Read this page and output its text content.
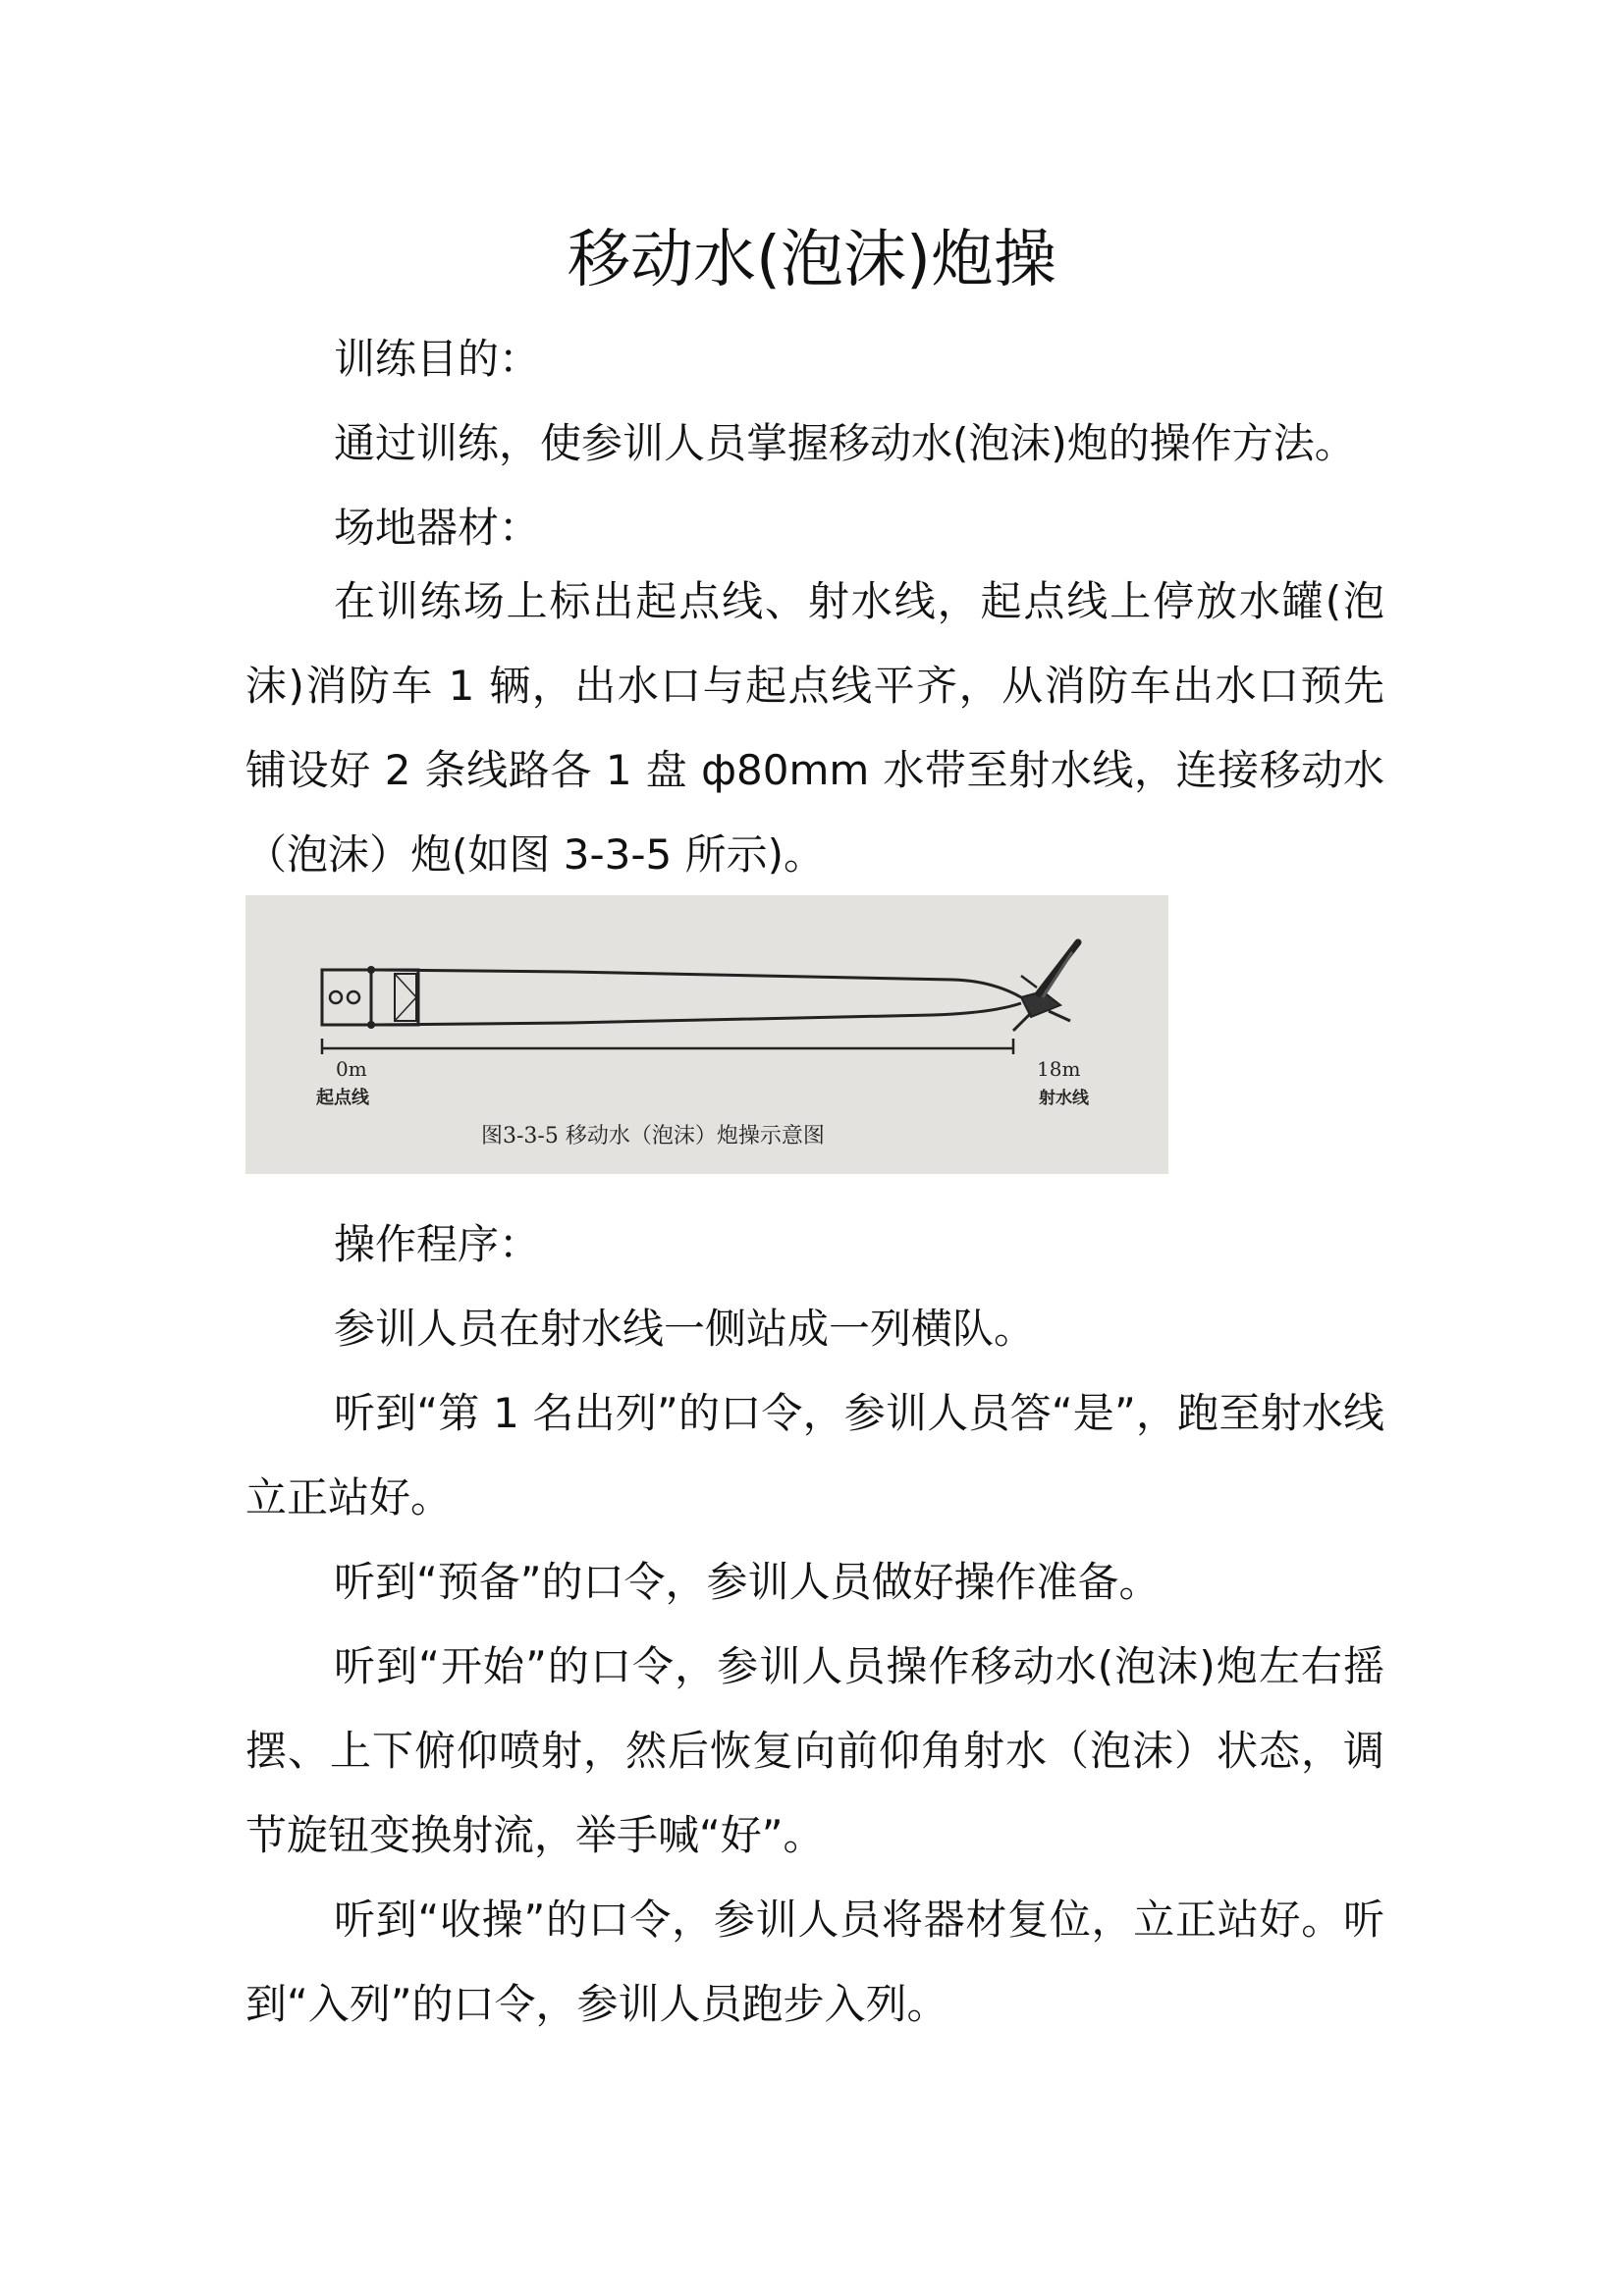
移动水(泡沫)炮操

训练目的：

通过训练，使参训人员掌握移动水(泡沫)炮的操作方法。

场地器材：

在训练场上标出起点线、射水线，起点线上停放水罐(泡沫)消防车 1 辆，出水口与起点线平齐，从消防车出水口预先铺设好 2 条线路各 1 盘 ф80mm 水带至射水线，连接移动水（泡沫）炮(如图 3-3-5 所示)。

0m
起点线
18m
射水线
图3-3-5 移动水（泡沫）炮操示意图

操作程序：

参训人员在射水线一侧站成一列横队。

听到“第 1 名出列”的口令，参训人员答“是”，跑至射水线立正站好。

听到“预备”的口令，参训人员做好操作准备。

听到“开始”的口令，参训人员操作移动水(泡沫)炮左右摇摆、上下俯仰喷射，然后恢复向前仰角射水（泡沫）状态，调节旋钮变换射流，举手喊“好”。

听到“收操”的口令，参训人员将器材复位，立正站好。听到“入列”的口令，参训人员跑步入列。
